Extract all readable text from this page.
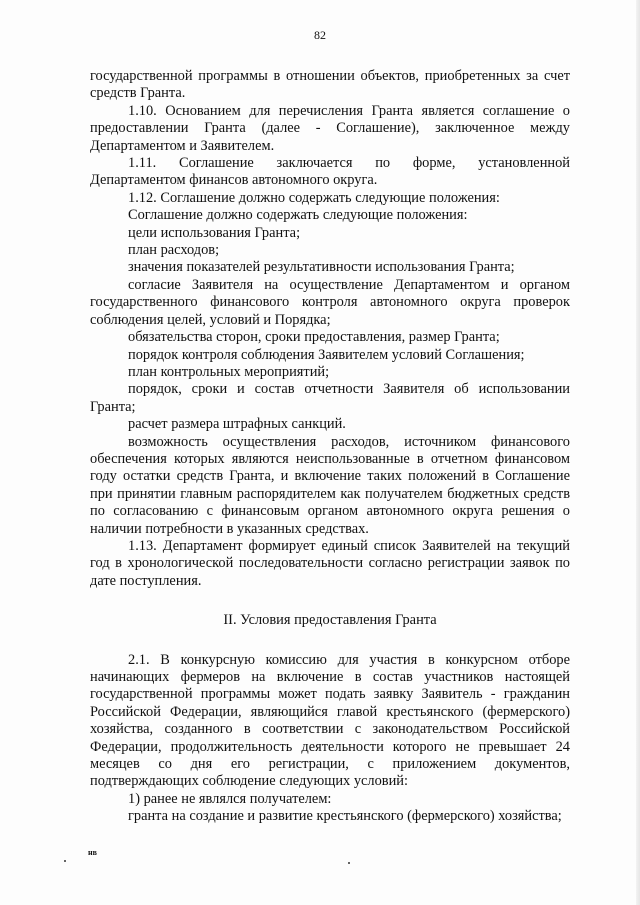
82

государственной программы в отношении объектов, приобретенных за счет средств Гранта.

1.10. Основанием для перечисления Гранта является соглашение о предоставлении Гранта (далее - Соглашение), заключенное между Департаментом и Заявителем.

1.11. Соглашение заключается по форме, установленной Департаментом финансов автономного округа.

1.12. Соглашение должно содержать следующие положения:

Соглашение должно содержать следующие положения:

цели использования Гранта;

план расходов;

значения показателей результативности использования Гранта;

согласие Заявителя на осуществление Департаментом и органом государственного финансового контроля автономного округа проверок соблюдения целей, условий и Порядка;

обязательства сторон, сроки предоставления, размер Гранта;

порядок контроля соблюдения Заявителем условий Соглашения;

план контрольных мероприятий;

порядок, сроки и состав отчетности Заявителя об использовании Гранта;

расчет размера штрафных санкций.

возможность осуществления расходов, источником финансового обеспечения которых являются неиспользованные в отчетном финансовом году остатки средств Гранта, и включение таких положений в Соглашение при принятии главным распорядителем как получателем бюджетных средств по согласованию с финансовым органом автономного округа решения о наличии потребности в указанных средствах.

1.13. Департамент формирует единый список Заявителей на текущий год в хронологической последовательности согласно регистрации заявок по дате поступления.

II. Условия предоставления Гранта

2.1. В конкурсную комиссию для участия в конкурсном отборе начинающих фермеров на включение в состав участников настоящей государственной программы может подать заявку Заявитель - гражданин Российской Федерации, являющийся главой крестьянского (фермерского) хозяйства, созданного в соответствии с законодательством Российской Федерации, продолжительность деятельности которого не превышает 24 месяцев со дня его регистрации, с приложением документов, подтверждающих соблюдение следующих условий:

1) ранее не являлся получателем:

гранта на создание и развитие крестьянского (фермерского) хозяйства;

нв
